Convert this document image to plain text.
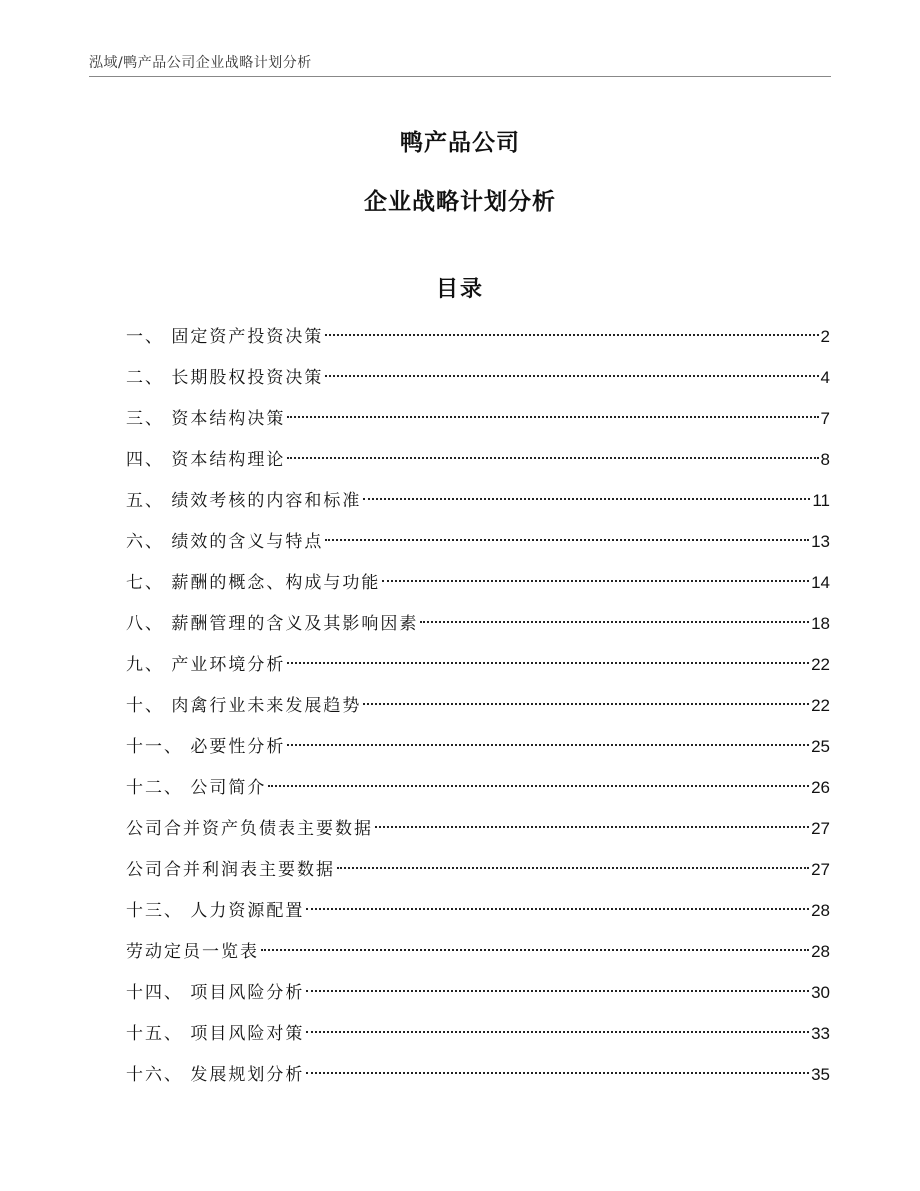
泓域/鸭产品公司企业战略计划分析
鸭产品公司
企业战略计划分析
目录
一、 固定资产投资决策	2
二、 长期股权投资决策	4
三、 资本结构决策	7
四、 资本结构理论	8
五、 绩效考核的内容和标准	11
六、 绩效的含义与特点	13
七、 薪酬的概念、构成与功能	14
八、 薪酬管理的含义及其影响因素	18
九、 产业环境分析	22
十、 肉禽行业未来发展趋势	22
十一、 必要性分析	25
十二、 公司简介	26
公司合并资产负债表主要数据	27
公司合并利润表主要数据	27
十三、 人力资源配置	28
劳动定员一览表	28
十四、 项目风险分析	30
十五、 项目风险对策	33
十六、 发展规划分析	35
